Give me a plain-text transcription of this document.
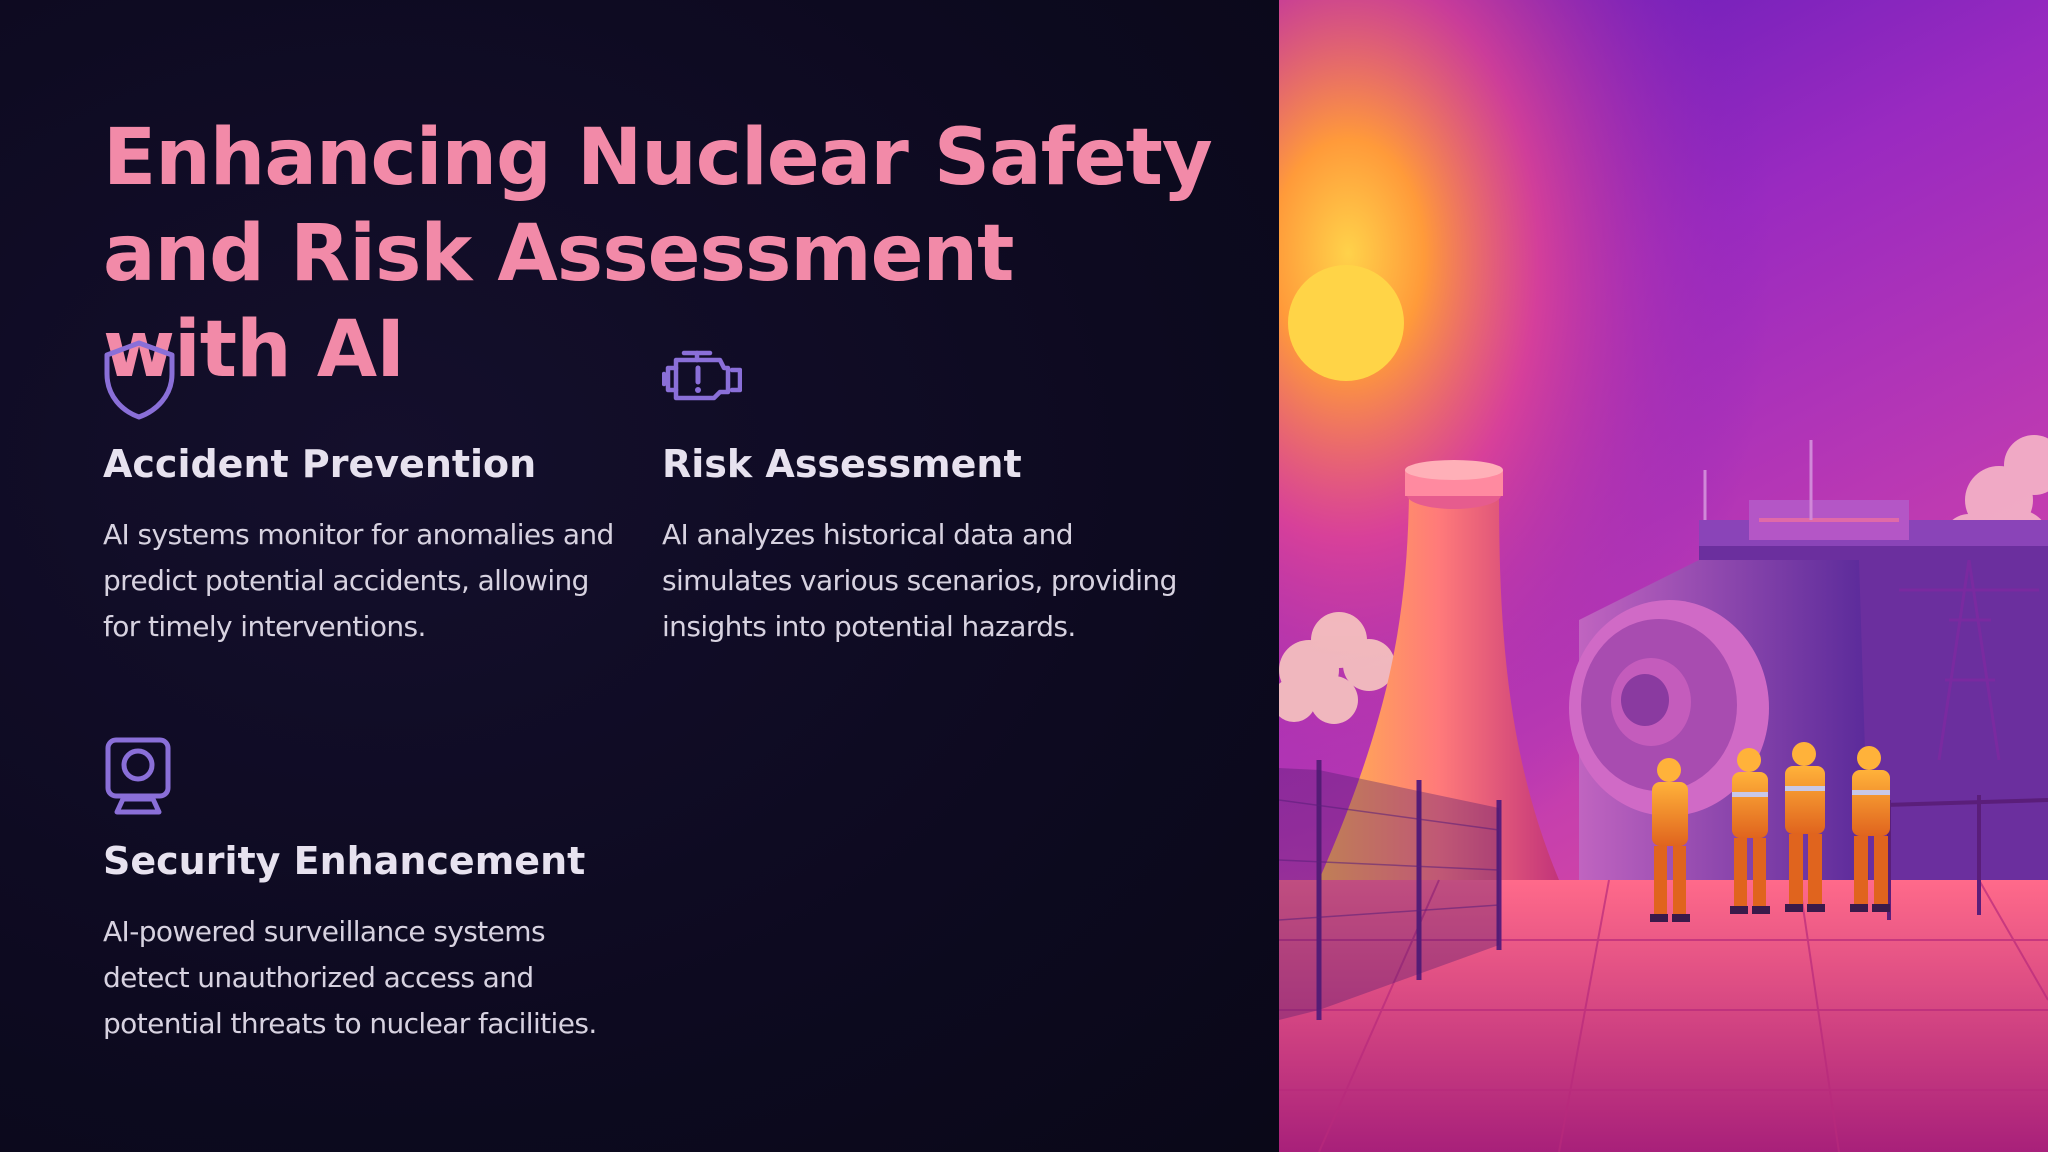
Enhancing Nuclear Safety
and Risk Assessment with AI
Accident Prevention

AI systems monitor for anomalies and predict potential accidents, allowing for timely interventions.

Risk Assessment

AI analyzes historical data and simulates various scenarios, providing insights into potential hazards.

Security Enhancement

AI-powered surveillance systems detect unauthorized access and potential threats to nuclear facilities.
